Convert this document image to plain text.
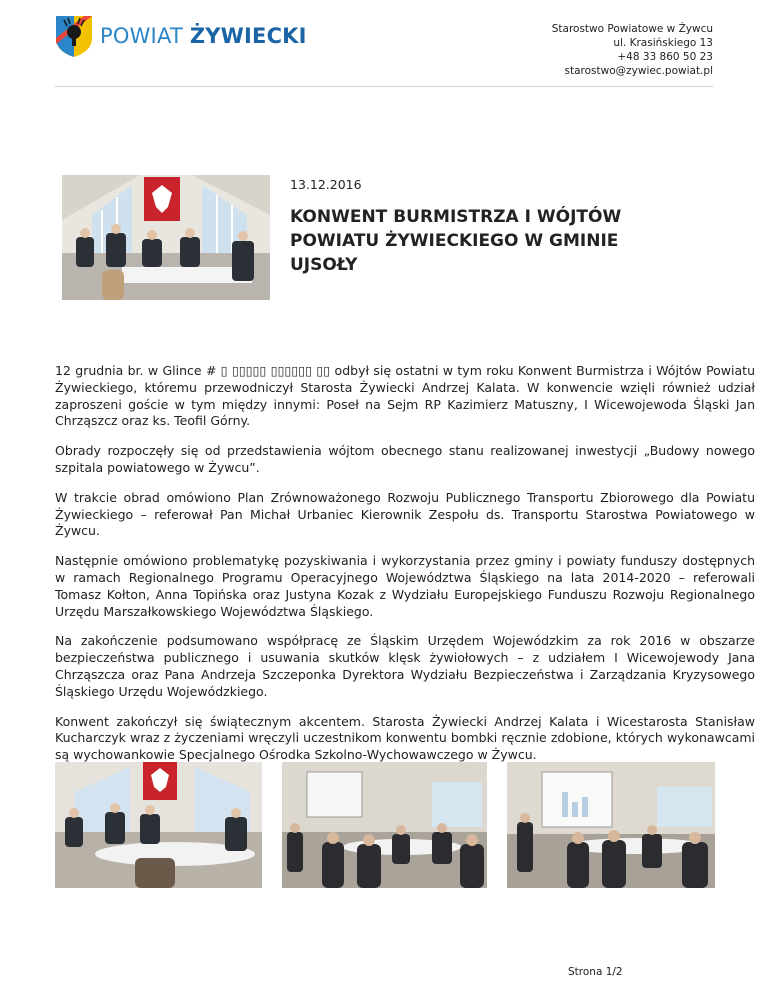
POWIAT ŻYWIECKI	Starostwo Powiatowe w Żywcu
ul. Krasińskiego 13
+48 33 860 50 23
starostwo@zywiec.powiat.pl
13.12.2016
KONWENT BURMISTRZA I WÓJTÓW POWIATU ŻYWIECKIEGO W GMINIE UJSOŁY

12 grudnia br. w Glince # ▯ ▯▯▯▯▯ ▯▯▯▯▯▯ ▯▯ odbył się ostatni w tym roku Konwent Burmistrza i Wójtów Powiatu Żywieckiego, któremu przewodniczył Starosta Żywiecki Andrzej Kalata. W konwencie wzięli również udział zaproszeni goście w tym między innymi: Poseł na Sejm RP Kazimierz Matuszny, I Wicewojewoda Śląski Jan Chrząszcz oraz ks. Teofil Górny.

Obrady rozpoczęły się od przedstawienia wójtom obecnego stanu realizowanej inwestycji „Budowy nowego szpitala powiatowego w Żywcu”.

W trakcie obrad omówiono Plan Zrównoważonego Rozwoju Publicznego Transportu Zbiorowego dla Powiatu Żywieckiego – referował Pan Michał Urbaniec Kierownik Zespołu ds. Transportu Starostwa Powiatowego w Żywcu.

Następnie omówiono problematykę pozyskiwania i wykorzystania przez gminy i powiaty funduszy dostępnych w ramach Regionalnego Programu Operacyjnego Województwa Śląskiego na lata 2014-2020 – referowali Tomasz Kołton, Anna Topińska oraz Justyna Kozak z Wydziału Europejskiego Funduszu Rozwoju Regionalnego Urzędu Marszałkowskiego Województwa Śląskiego.

Na zakończenie podsumowano współpracę ze Śląskim Urzędem Wojewódzkim za rok 2016 w obszarze bezpieczeństwa publicznego i usuwania skutków klęsk żywiołowych – z udziałem I Wicewojewody Jana Chrząszcza oraz Pana Andrzeja Szczeponka Dyrektora Wydziału Bezpieczeństwa i Zarządzania Kryzysowego Śląskiego Urzędu Wojewódzkiego.

Konwent zakończył się świątecznym akcentem. Starosta Żywiecki Andrzej Kalata i Wicestarosta Stanisław Kucharczyk wraz z życzeniami wręczyli uczestnikom konwentu bombki ręcznie zdobione, których wykonawcami są wychowankowie Specjalnego Ośrodka Szkolno-Wychowawczego w Żywcu.

Strona 1/2
